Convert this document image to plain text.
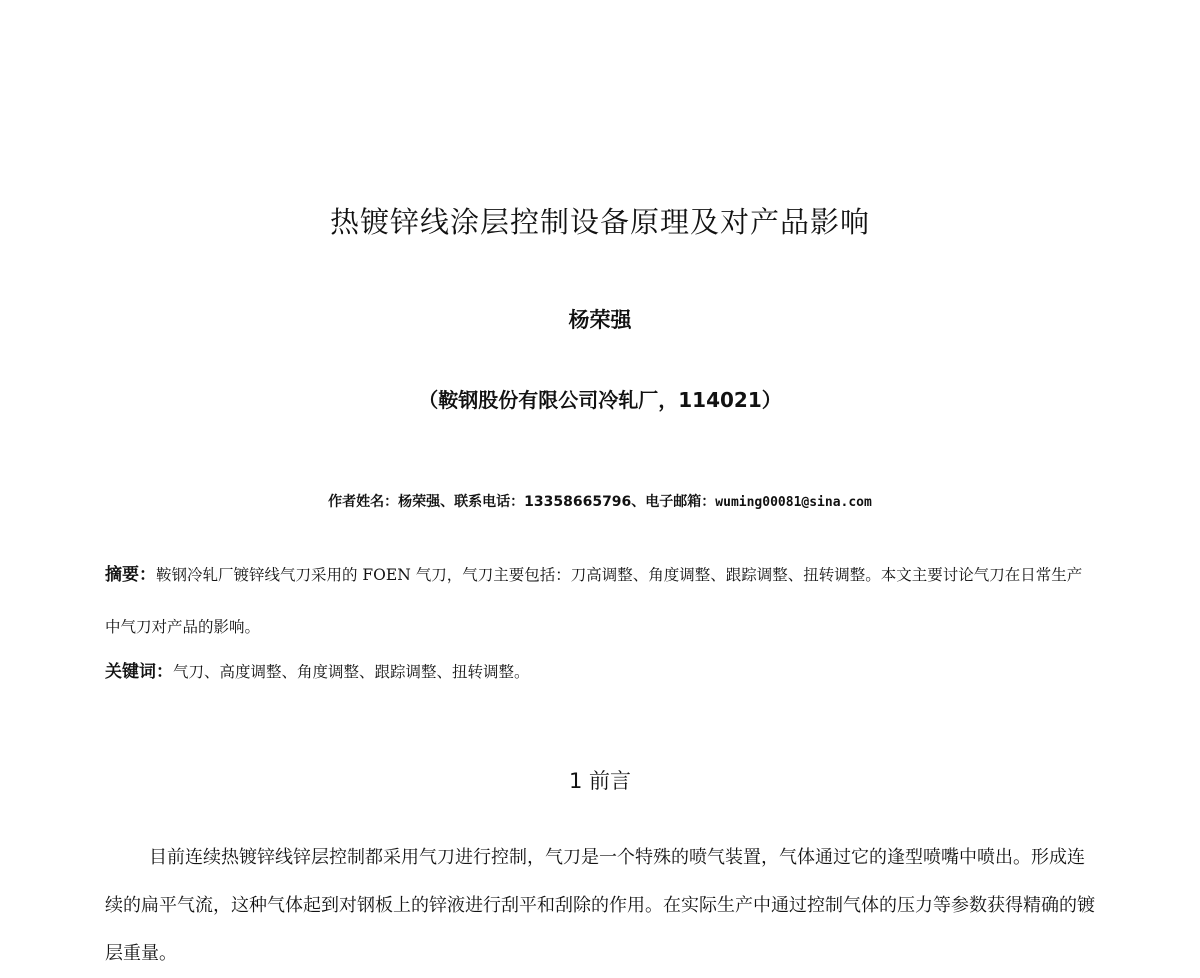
热镀锌线涂层控制设备原理及对产品影响
杨荣强
（鞍钢股份有限公司冷轧厂，114021）
作者姓名：杨荣强、联系电话：13358665796、电子邮箱：wuming00081@sina.com
摘要：鞍钢冷轧厂镀锌线气刀采用的 FOEN 气刀，气刀主要包括：刀高调整、角度调整、跟踪调整、扭转调整。本文主要讨论气刀在日常生产中气刀对产品的影响。
关键词：气刀、高度调整、角度调整、跟踪调整、扭转调整。
1 前言
目前连续热镀锌线锌层控制都采用气刀进行控制，气刀是一个特殊的喷气装置，气体通过它的逢型喷嘴中喷出。形成连续的扁平气流，这种气体起到对钢板上的锌液进行刮平和刮除的作用。在实际生产中通过控制气体的压力等参数获得精确的镀层重量。
